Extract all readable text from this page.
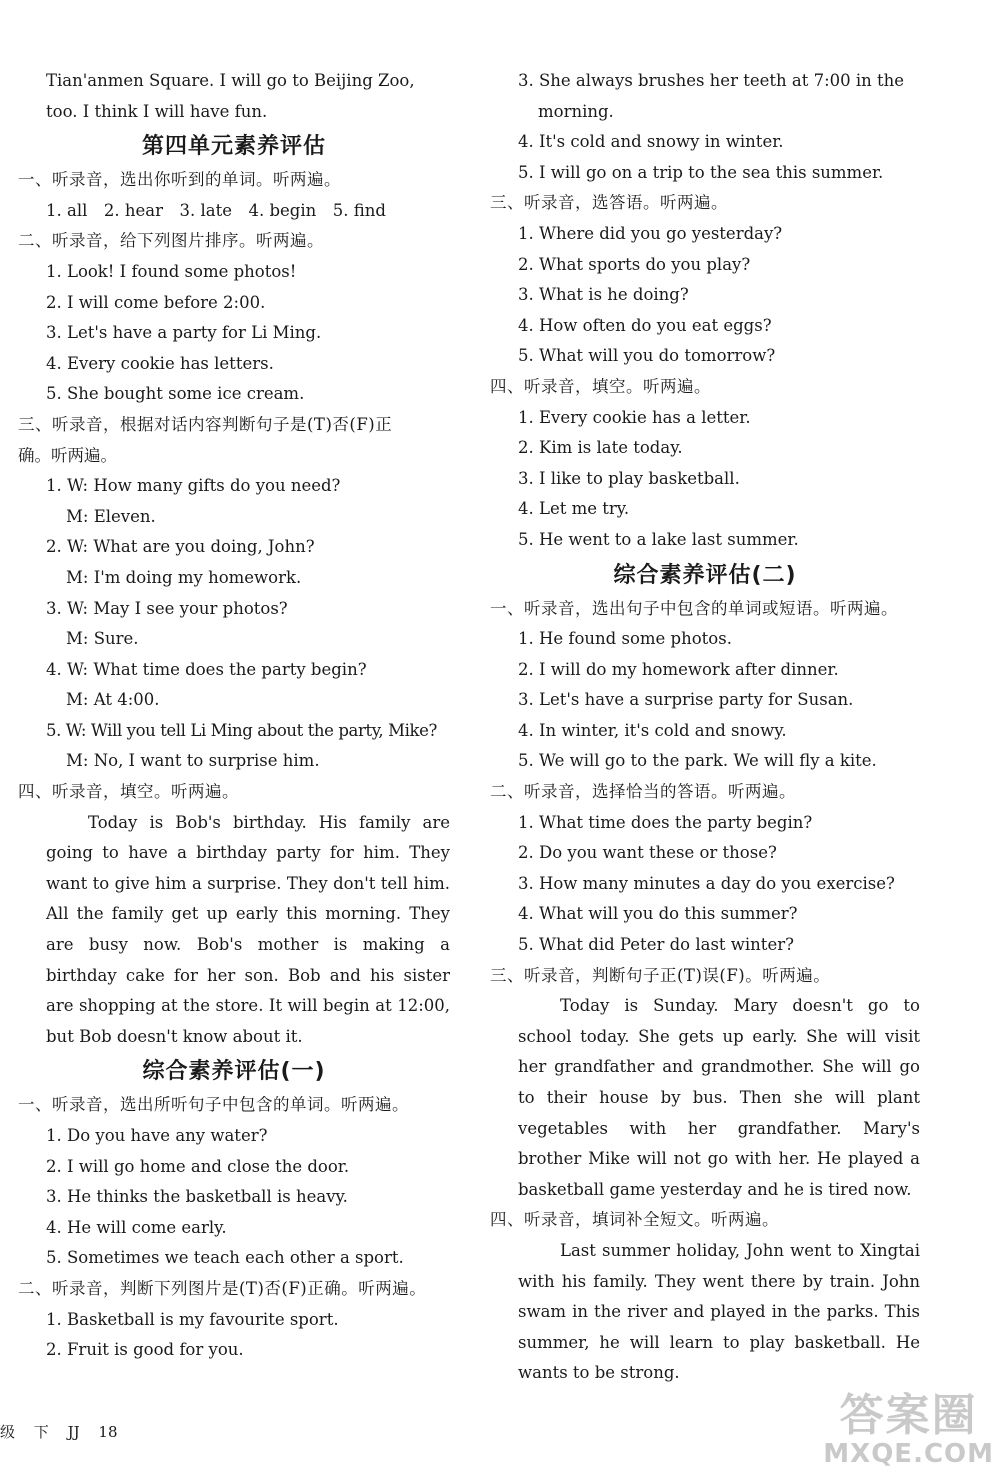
Tian'anmen Square. I will go to Beijing Zoo,
too. I think I will have fun.
第四单元素养评估
一、听录音，选出你听到的单词。听两遍。
1. all　2. hear　3. late　4. begin　5. find
二、听录音，给下列图片排序。听两遍。
1. Look! I found some photos!
2. I will come before 2:00.
3. Let's have a party for Li Ming.
4. Every cookie has letters.
5. She bought some ice cream.
三、听录音，根据对话内容判断句子是(T)否(F)正
确。听两遍。
1. W: How many gifts do you need?
M: Eleven.
2. W: What are you doing, John?
M: I'm doing my homework.
3. W: May I see your photos?
M: Sure.
4. W: What time does the party begin?
M: At 4:00.
5. W: Will you tell Li Ming about the party, Mike?
M: No, I want to surprise him.
四、听录音，填空。听两遍。

Today is Bob's birthday. His family are going to have a birthday party for him. They want to give him a surprise. They don't tell him. All the family get up early this morning. They are busy now. Bob's mother is making a birthday cake for her son. Bob and his sister are shopping at the store. It will begin at 12:00, but Bob doesn't know about it.

综合素养评估(一)
一、听录音，选出所听句子中包含的单词。听两遍。
1. Do you have any water?
2. I will go home and close the door.
3. He thinks the basketball is heavy.
4. He will come early.
5. Sometimes we teach each other a sport.
二、听录音，判断下列图片是(T)否(F)正确。听两遍。
1. Basketball is my favourite sport.
2. Fruit is good for you.
3. She always brushes her teeth at 7:00 in the
morning.
4. It's cold and snowy in winter.
5. I will go on a trip to the sea this summer.
三、听录音，选答语。听两遍。
1. Where did you go yesterday?
2. What sports do you play?
3. What is he doing?
4. How often do you eat eggs?
5. What will you do tomorrow?
四、听录音，填空。听两遍。
1. Every cookie has a letter.
2. Kim is late today.
3. I like to play basketball.
4. Let me try.
5. He went to a lake last summer.
综合素养评估(二)
一、听录音，选出句子中包含的单词或短语。听两遍。
1. He found some photos.
2. I will do my homework after dinner.
3. Let's have a surprise party for Susan.
4. In winter, it's cold and snowy.
5. We will go to the park. We will fly a kite.
二、听录音，选择恰当的答语。听两遍。
1. What time does the party begin?
2. Do you want these or those?
3. How many minutes a day do you exercise?
4. What will you do this summer?
5. What did Peter do last winter?
三、听录音，判断句子正(T)误(F)。听两遍。

Today is Sunday. Mary doesn't go to school today. She gets up early. She will visit her grandfather and grandmother. She will go to their house by bus. Then she will plant vegetables with her grandfather. Mary's brother Mike will not go with her. He played a basketball game yesterday and he is tired now.

四、听录音，填词补全短文。听两遍。

Last summer holiday, John went to Xingtai with his family. They went there by train. John swam in the river and played in the parks. This summer, he will learn to play basketball. He wants to be strong.

级 下 JJ 18	答案圈
MXQE.COM
